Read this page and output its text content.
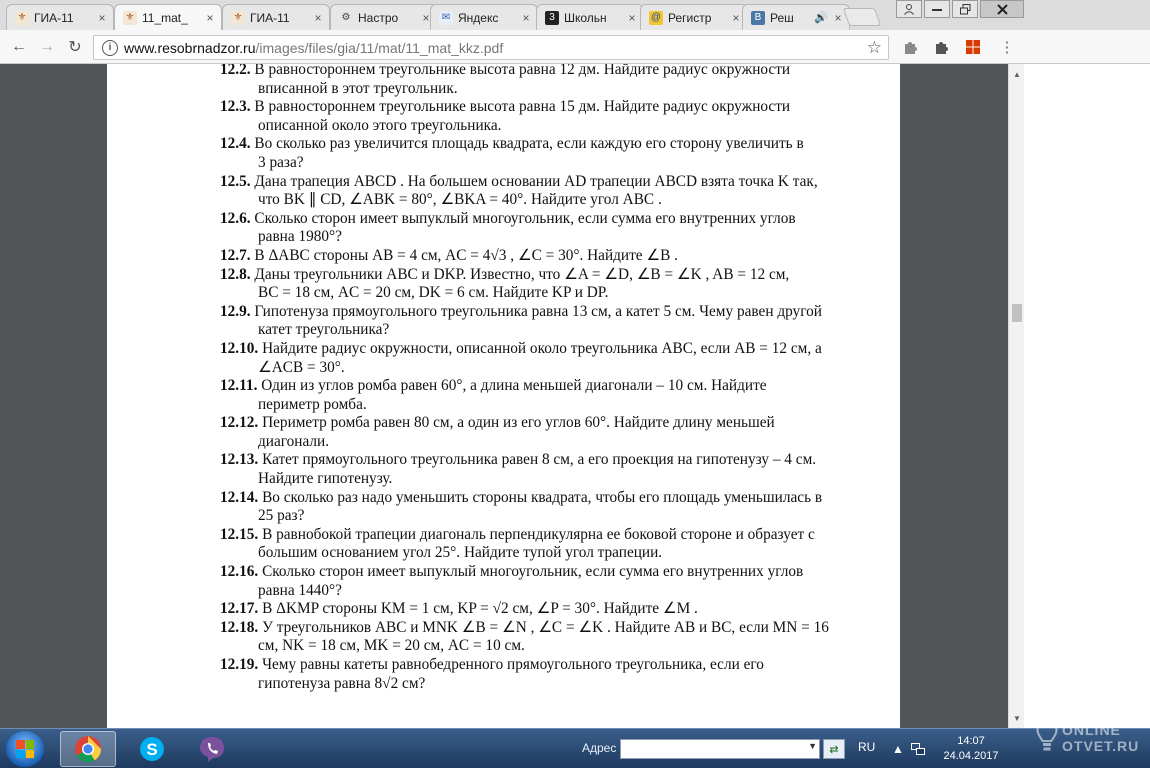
⚜ ГИА-11	× ⚜ 11_mat_	× ⚜ ГИА-11	× ⚙ Настро	× ✉ Яндекс	×	3 Школьн	× @ Регистр	×	В Реш	🔊 ×
← → ↻	i www.resobrnadzor.ru /images/files/gia/11/mat/11_mat_kkz.pdf	☆	⋮
12.2. В равностороннем треугольнике высота равна 12 дм. Найдите радиус окружности
вписанной в этот треугольник.
12.3. В равностороннем треугольнике высота равна 15 дм. Найдите радиус окружности
описанной около этого треугольника.
12.4. Во сколько раз увеличится площадь квадрата, если каждую его сторону увеличить в
3 раза?
12.5. Дана трапеция ABCD . На большем основании AD трапеции ABCD взята точка K так,
что BK ∥ CD, ∠ABK = 80°, ∠BKA = 40°. Найдите угол ABC .
12.6. Сколько сторон имеет выпуклый многоугольник, если сумма его внутренних углов
равна 1980°?
12.7. В ΔABC стороны AB = 4 см, AC = 4√3 , ∠C = 30°. Найдите ∠B .
12.8. Даны треугольники ABC и DKP. Известно, что ∠A = ∠D, ∠B = ∠K , AB = 12 см,
BC = 18 см, AC = 20 см, DK = 6 см. Найдите KP и DP.
12.9. Гипотенуза прямоугольного треугольника равна 13 см, а катет 5 см. Чему равен другой
катет треугольника?
12.10. Найдите радиус окружности, описанной около треугольника ABC, если AB = 12 см, а
∠ACB = 30°.
12.11. Один из углов ромба равен 60°, а длина меньшей диагонали – 10 см. Найдите
периметр ромба.
12.12. Периметр ромба равен 80 см, а один из его углов 60°. Найдите длину меньшей
диагонали.
12.13. Катет прямоугольного треугольника равен 8 см, а его проекция на гипотенузу – 4 см.
Найдите гипотенузу.
12.14. Во сколько раз надо уменьшить стороны квадрата, чтобы его площадь уменьшилась в
25 раз?
12.15. В равнобокой трапеции диагональ перпендикулярна ее боковой стороне и образует с
большим основанием угол 25°. Найдите тупой угол трапеции.
12.16. Сколько сторон имеет выпуклый многоугольник, если сумма его внутренних углов
равна 1440°?
12.17. В ΔKMP стороны KM = 1 см, KP = √2 см, ∠P = 30°. Найдите ∠M .
12.18. У треугольников ABC и MNK ∠B = ∠N , ∠C = ∠K . Найдите AB и BC, если MN = 16
см, NK = 18 см, MK = 20 см, AC = 10 см.
12.19. Чему равны катеты равнобедренного прямоугольного треугольника, если его
гипотенуза равна 8√2 см?
▲
▼
S	Адрес	▼	⇄	RU ▲
14:07
24.04.2017
ONLINE
OTVET.RU
